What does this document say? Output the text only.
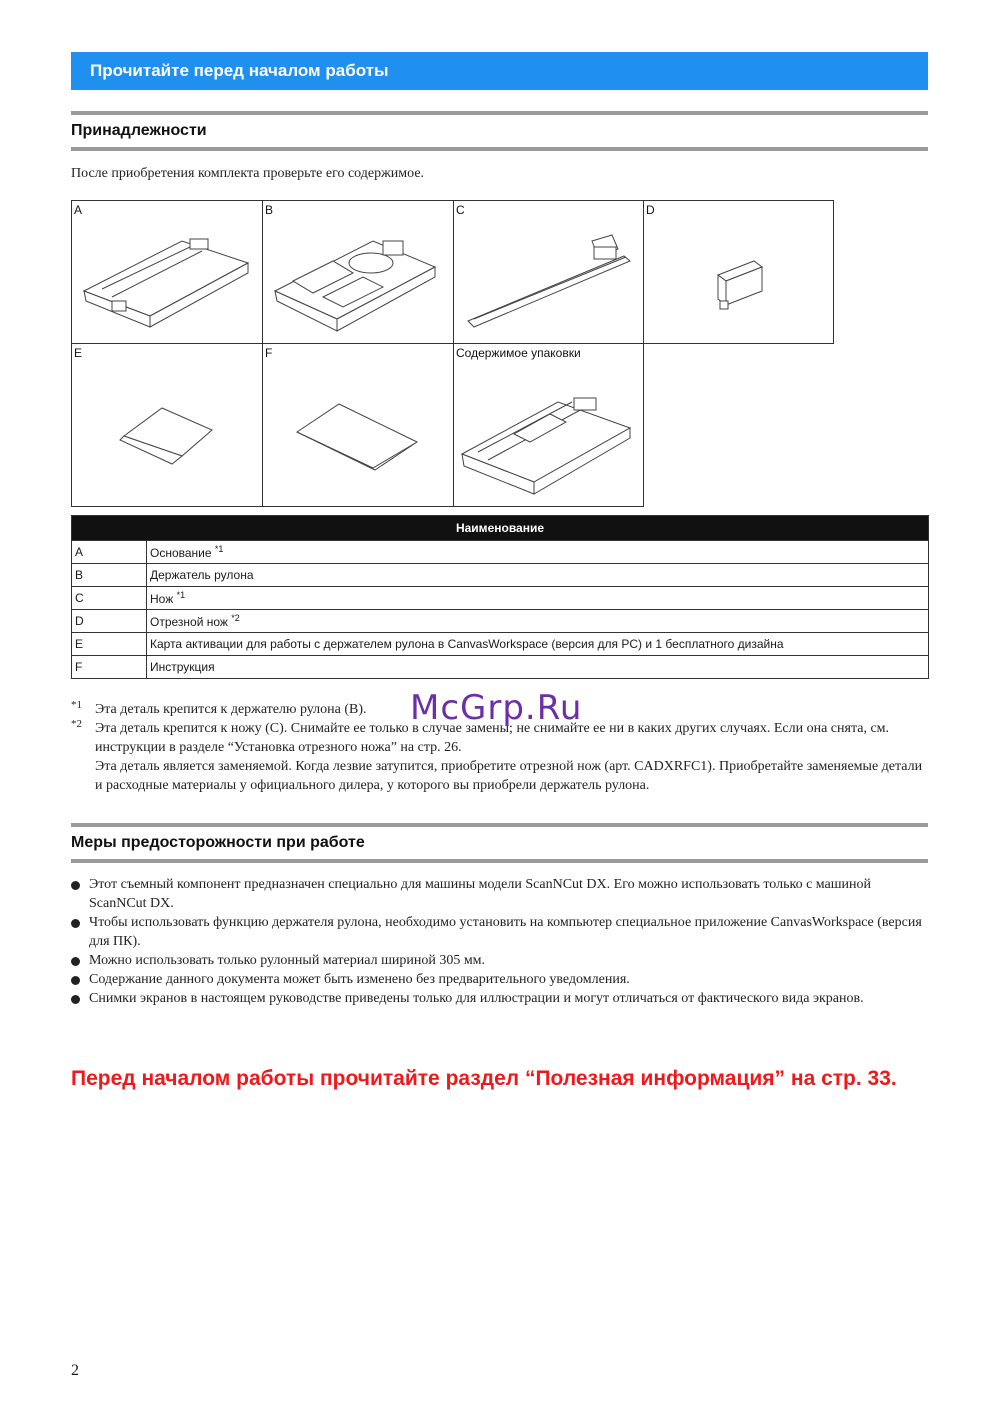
Прочитайте перед началом работы
Принадлежности
После приобретения комплекта проверьте его содержимое.
A	B	C	D
E	F	Содержимое упаковки
Наименование	
A	Основание $^{*1}$
B	Держатель рулона
C	Нож $^{*1}$
D	Отрезной нож $^{*2}$
E	Карта активации для работы с держателем рулона в CanvasWorkspace (версия для PC) и 1 бесплатного дизайна
F	Инструкция
*1 Эта деталь крепится к держателю рулона (B).
*2 Эта деталь крепится к ножу (C). Снимайте ее только в случае замены; не снимайте ее ни в каких других случаях. Если она снята, см. инструкции в разделе “Установка отрезного ножа” на стр. 26.
Эта деталь является заменяемой. Когда лезвие затупится, приобретите отрезной нож (арт. CADXRFC1). Приобретайте заменяемые детали и расходные материалы у официального дилера, у которого вы приобрели держатель рулона.
McGrp.Ru
Меры предосторожности при работе
Этот съемный компонент предназначен специально для машины модели ScanNCut DX. Его можно использовать только с машиной ScanNCut DX.
Чтобы использовать функцию держателя рулона, необходимо установить на компьютер специальное приложение CanvasWorkspace (версия для ПК).
Можно использовать только рулонный материал шириной 305 мм.
Содержание данного документа может быть изменено без предварительного уведомления.
Снимки экранов в настоящем руководстве приведены только для иллюстрации и могут отличаться от фактического вида экранов.
Перед началом работы прочитайте раздел “Полезная информация” на стр. 33.
2
